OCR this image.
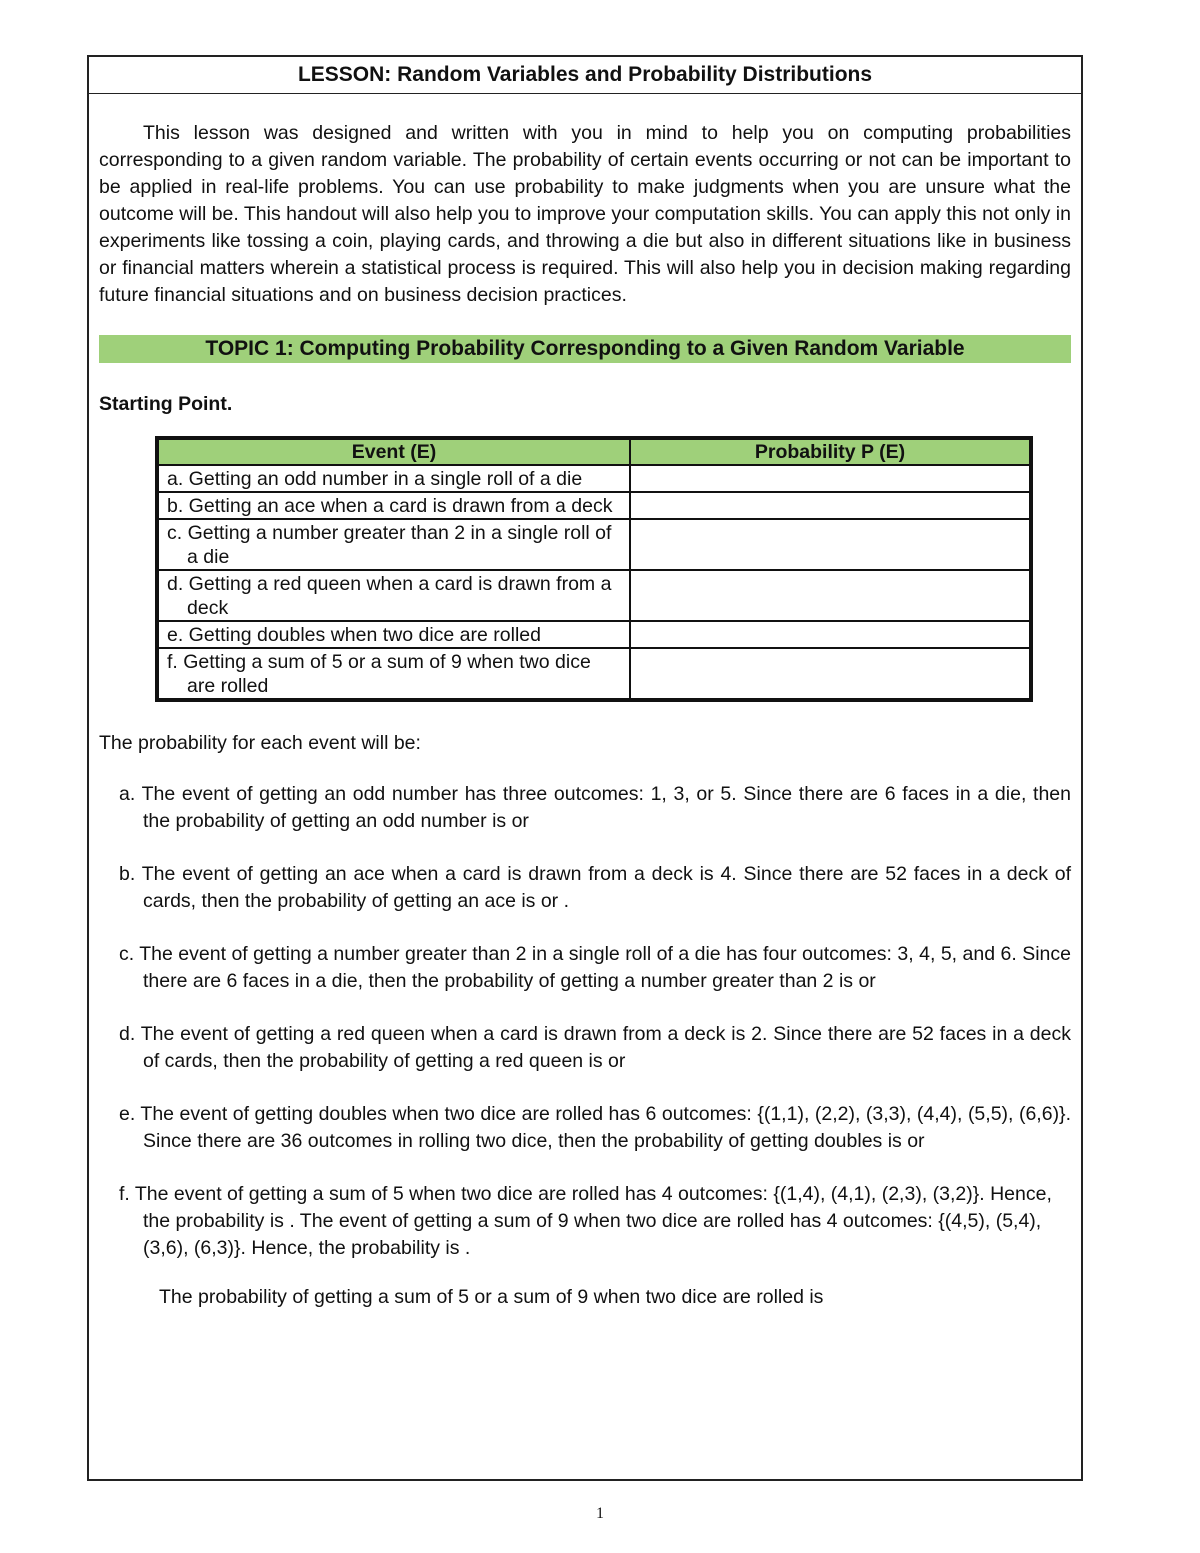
LESSON: Random Variables and Probability Distributions

This lesson was designed and written with you in mind to help you on computing probabilities corresponding to a given random variable. The probability of certain events occurring or not can be important to be applied in real-life problems. You can use probability to make judgments when you are unsure what the outcome will be. This handout will also help you to improve your computation skills. You can apply this not only in experiments like tossing a coin, playing cards, and throwing a die but also in different situations like in business or financial matters wherein a statistical process is required. This will also help you in decision making regarding future financial situations and on business decision practices.

TOPIC 1: Computing Probability Corresponding to a Given Random Variable
Starting Point.
Event (E)	Probability P (E)

a. Getting an odd number in a single roll of a die	

b. Getting an ace when a card is drawn from a deck	

c. Getting a number greater than 2 in a single roll of a die	

d. Getting a red queen when a card is drawn from a deck	

e. Getting doubles when two dice are rolled	

f. Getting a sum of 5 or a sum of 9 when two dice are rolled	

The probability for each event will be:
a. The event of getting an odd number has three outcomes: 1, 3, or 5. Since there are 6 faces in a die, then the probability of getting an odd number is or
b. The event of getting an ace when a card is drawn from a deck is 4. Since there are 52 faces in a deck of cards, then the probability of getting an ace is or .
c. The event of getting a number greater than 2 in a single roll of a die has four outcomes: 3, 4, 5, and 6. Since there are 6 faces in a die, then the probability of getting a number greater than 2 is or
d. The event of getting a red queen when a card is drawn from a deck is 2. Since there are 52 faces in a deck of cards, then the probability of getting a red queen is or
e. The event of getting doubles when two dice are rolled has 6 outcomes: {(1,1), (2,2), (3,3), (4,4), (5,5), (6,6)}. Since there are 36 outcomes in rolling two dice, then the probability of getting doubles is or
f. The event of getting a sum of 5 when two dice are rolled has 4 outcomes: {(1,4), (4,1), (2,3), (3,2)}. Hence, the probability is . The event of getting a sum of 9 when two dice are rolled has 4 outcomes: {(4,5), (5,4), (3,6), (6,3)}. Hence, the probability is .
The probability of getting a sum of 5 or a sum of 9 when two dice are rolled is
1
